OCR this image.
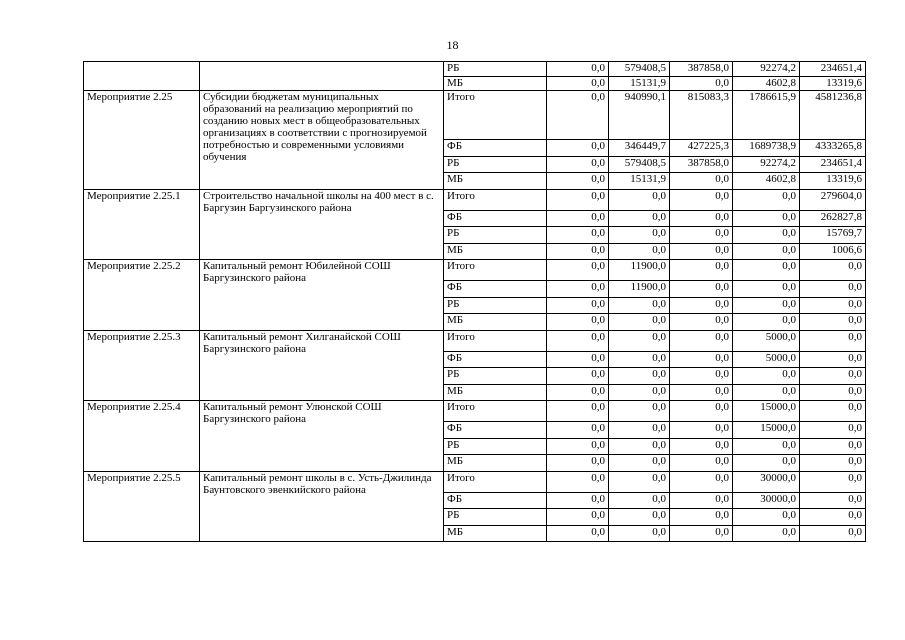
18
		РБ	0,0	579408,5	387858,0	92274,2	234651,4
		МБ	0,0	15131,9	0,0	4602,8	13319,6
Мероприятие 2.25	Субсидии бюджетам муниципальных образований на реализацию мероприятий по созданию новых мест в общеобразовательных организациях в соответствии с прогнозируемой потребностью и современными условиями обучения	Итого	0,0	940990,1	815083,3	1786615,9	4581236,8
		ФБ	0,0	346449,7	427225,3	1689738,9	4333265,8
		РБ	0,0	579408,5	387858,0	92274,2	234651,4
		МБ	0,0	15131,9	0,0	4602,8	13319,6
Мероприятие 2.25.1	Строительство начальной школы на 400 мест в с. Баргузин Баргузинского района	Итого	0,0	0,0	0,0	0,0	279604,0
		ФБ	0,0	0,0	0,0	0,0	262827,8
		РБ	0,0	0,0	0,0	0,0	15769,7
		МБ	0,0	0,0	0,0	0,0	1006,6
Мероприятие 2.25.2	Капитальный ремонт Юбилейной СОШ Баргузинского района	Итого	0,0	11900,0	0,0	0,0	0,0
		ФБ	0,0	11900,0	0,0	0,0	0,0
		РБ	0,0	0,0	0,0	0,0	0,0
		МБ	0,0	0,0	0,0	0,0	0,0
Мероприятие 2.25.3	Капитальный ремонт Хилганайской СОШ Баргузинского района	Итого	0,0	0,0	0,0	5000,0	0,0
		ФБ	0,0	0,0	0,0	5000,0	0,0
		РБ	0,0	0,0	0,0	0,0	0,0
		МБ	0,0	0,0	0,0	0,0	0,0
Мероприятие 2.25.4	Капитальный ремонт Улюнской СОШ Баргузинского района	Итого	0,0	0,0	0,0	15000,0	0,0
		ФБ	0,0	0,0	0,0	15000,0	0,0
		РБ	0,0	0,0	0,0	0,0	0,0
		МБ	0,0	0,0	0,0	0,0	0,0
Мероприятие 2.25.5	Капитальный ремонт школы в с. Усть-Джилинда Баунтовского эвенкийского района	Итого	0,0	0,0	0,0	30000,0	0,0
		ФБ	0,0	0,0	0,0	30000,0	0,0
		РБ	0,0	0,0	0,0	0,0	0,0
		МБ	0,0	0,0	0,0	0,0	0,0
